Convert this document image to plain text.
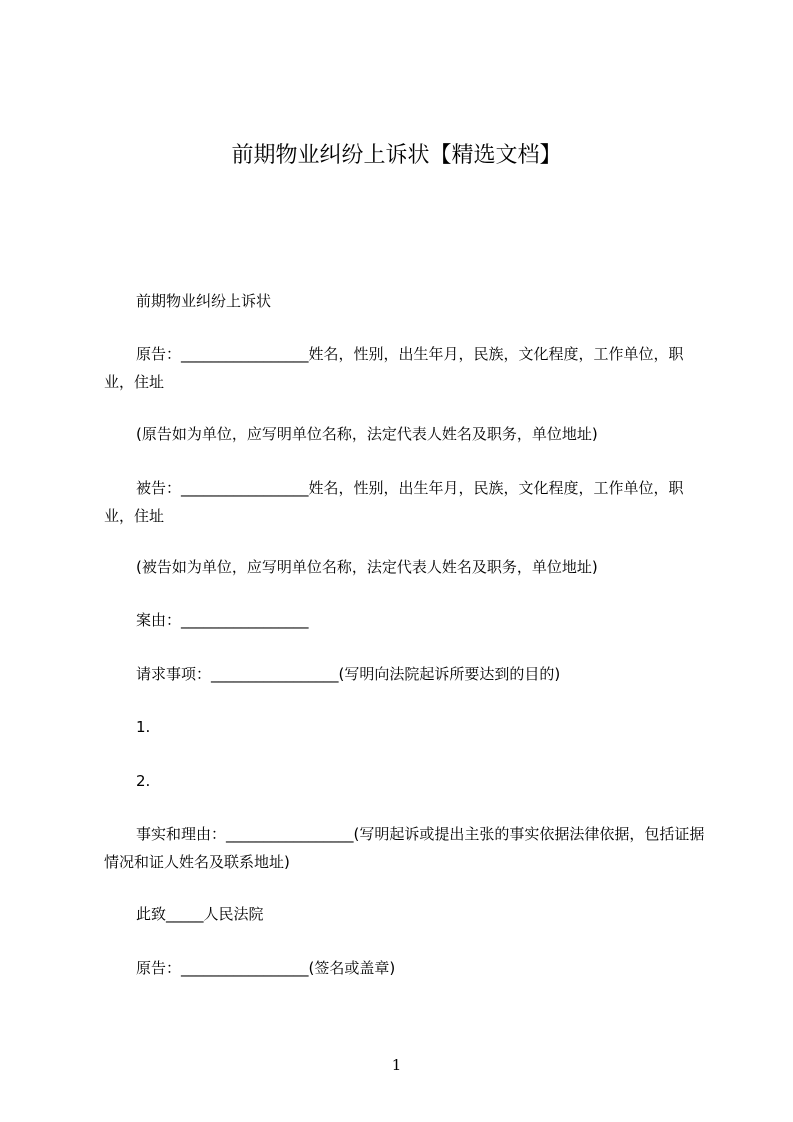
前期物业纠纷上诉状【精选文档】
前期物业纠纷上诉状
原告：_________________姓名，性别，出生年月，民族，文化程度，工作单位，职业，住址
(原告如为单位，应写明单位名称，法定代表人姓名及职务，单位地址)
被告：_________________姓名，性别，出生年月，民族，文化程度，工作单位，职业，住址
(被告如为单位，应写明单位名称，法定代表人姓名及职务，单位地址)
案由：_________________
请求事项：_________________(写明向法院起诉所要达到的目的)
1.
2.
事实和理由：_________________(写明起诉或提出主张的事实依据法律依据，包括证据情况和证人姓名及联系地址)
此致_____人民法院
原告：_________________(签名或盖章)
1
